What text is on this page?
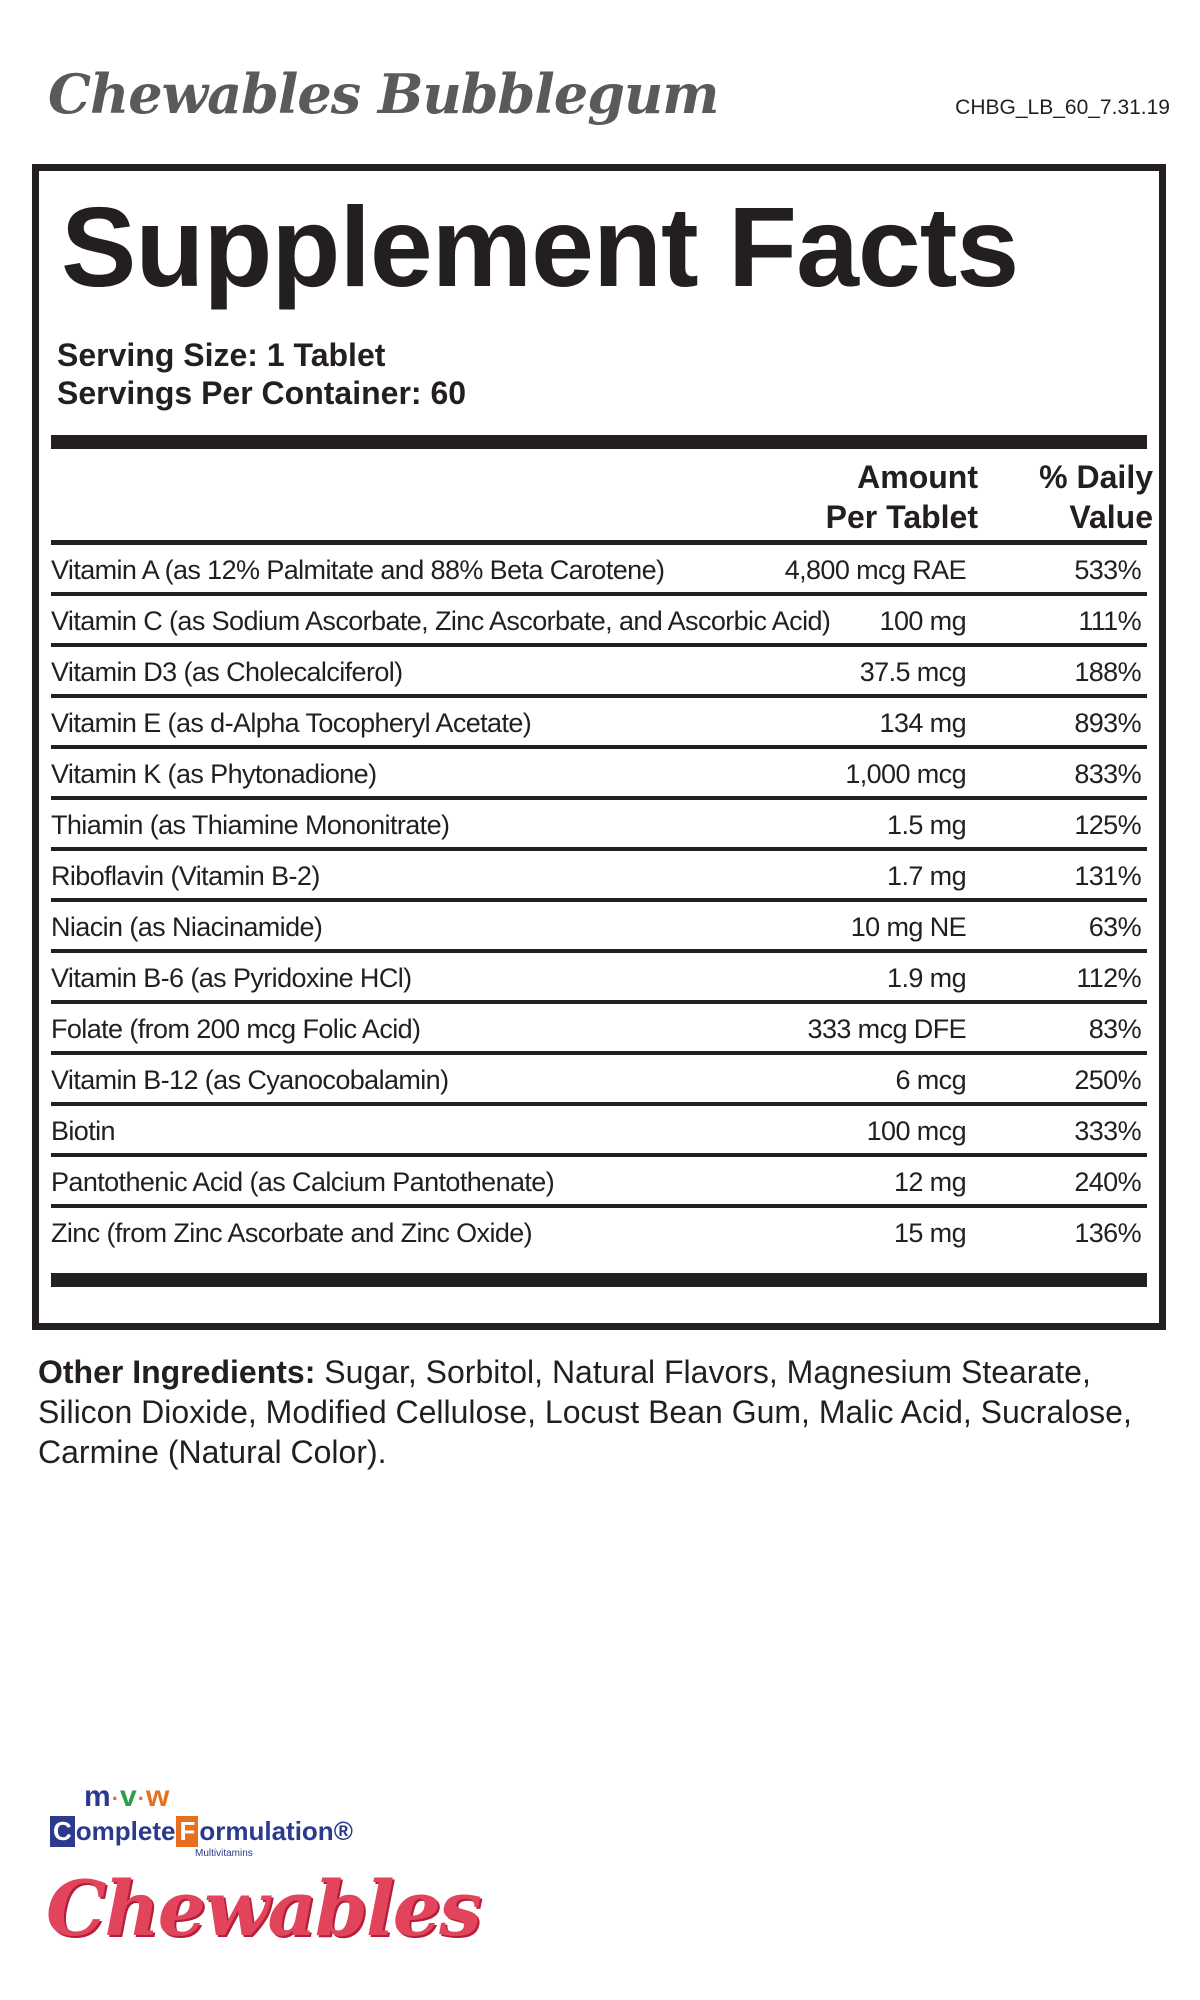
Chewables Bubblegum	CHBG_LB_60_7.31.19
Supplement Facts
Serving Size: 1 Tablet
Servings Per Container: 60
Amount
Per Tablet
% Daily
Value
Vitamin A (as 12% Palmitate and 88% Beta Carotene)	4,800 mcg RAE	533%
Vitamin C (as Sodium Ascorbate, Zinc Ascorbate, and Ascorbic Acid) 100 mg	111%
Vitamin D3 (as Cholecalciferol)	37.5 mcg	188%
Vitamin E (as d-Alpha Tocopheryl Acetate)	134 mg	893%
Vitamin K (as Phytonadione)	1,000 mcg	833%
Thiamin (as Thiamine Mononitrate)	1.5 mg	125%
Riboflavin (Vitamin B-2)	1.7 mg	131%
Niacin (as Niacinamide)	10 mg NE	63%
Vitamin B-6 (as Pyridoxine HCl)	1.9 mg	112%
Folate (from 200 mcg Folic Acid)	333 mcg DFE	83%
Vitamin B-12 (as Cyanocobalamin)	6 mcg	250%
Biotin	100 mcg	333%
Pantothenic Acid (as Calcium Pantothenate)	12 mg	240%
Zinc (from Zinc Ascorbate and Zinc Oxide)	15 mg	136%
Other Ingredients: Sugar, Sorbitol, Natural Flavors, Magnesium Stearate, Silicon Dioxide, Modified Cellulose, Locust Bean Gum, Malic Acid, Sucralose, Carmine (Natural Color).
m·v·w
C omplete F ormulation®
Multivitamins
Chewables
